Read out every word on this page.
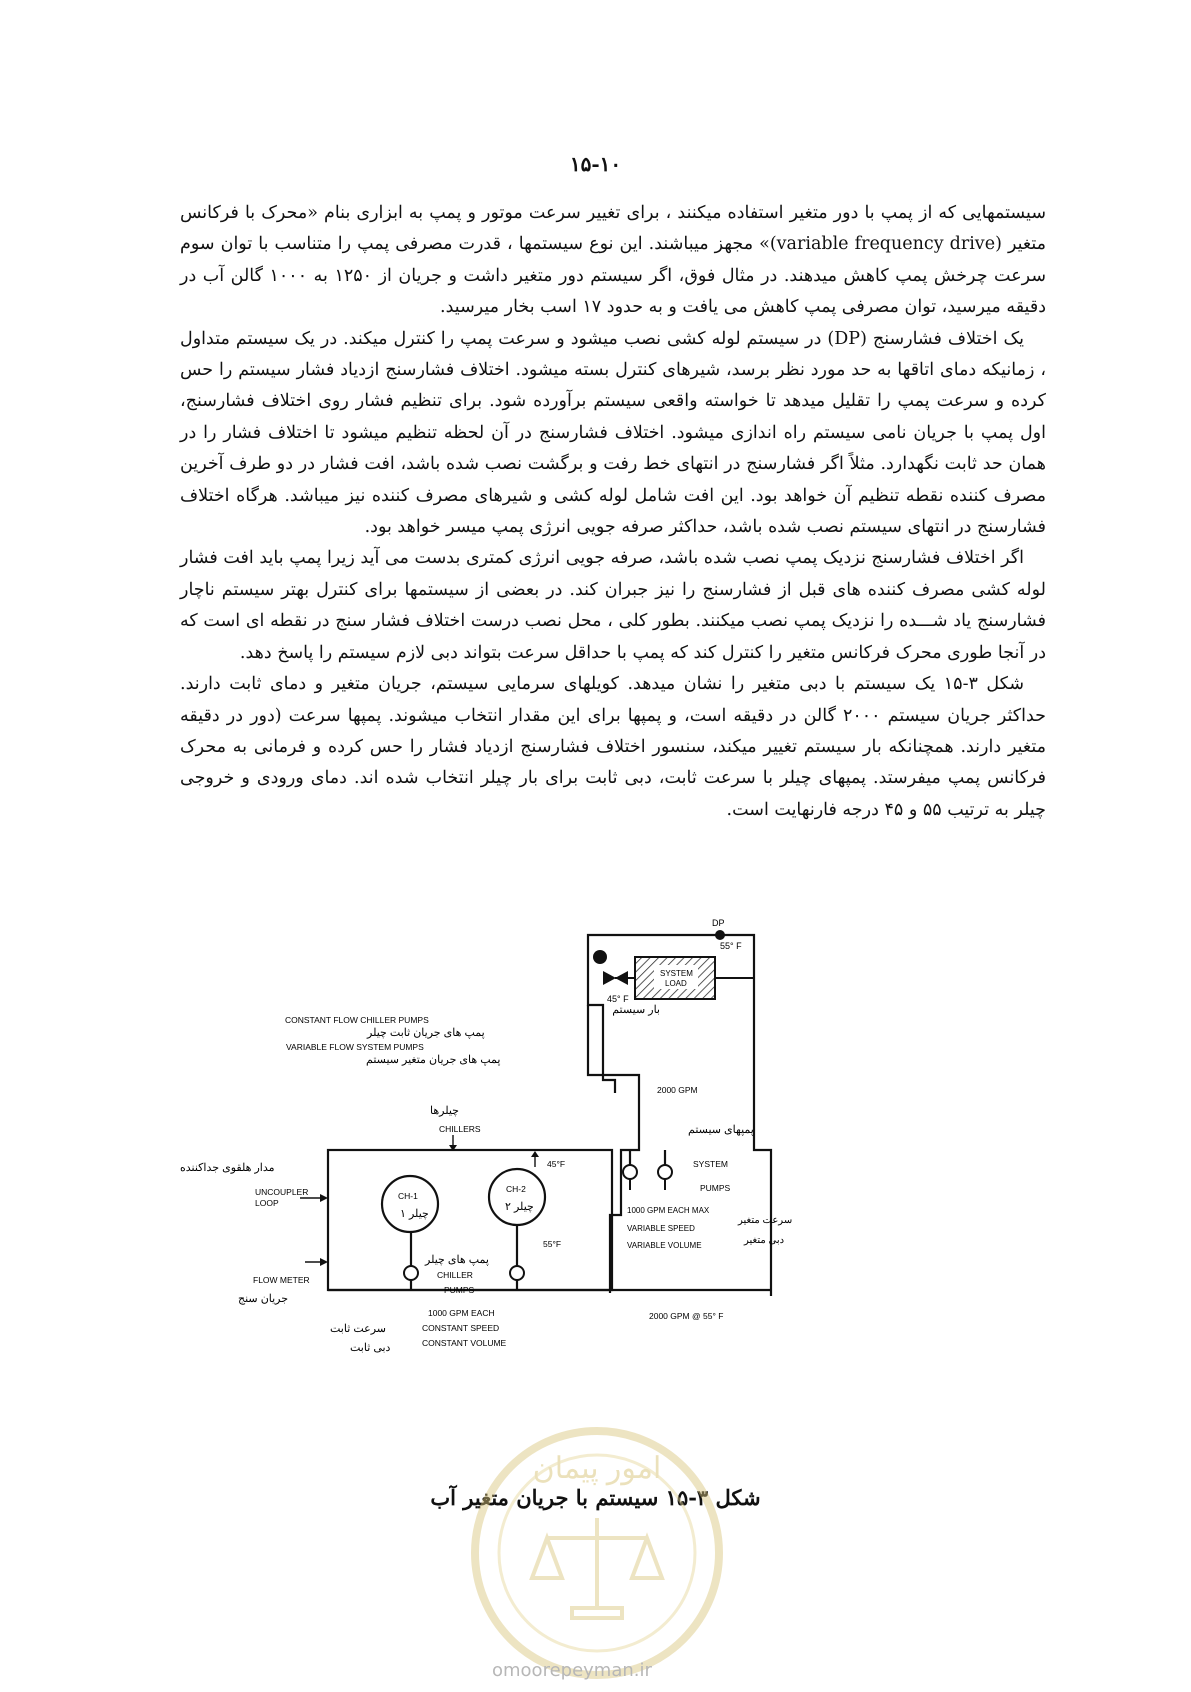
۱۵-۱۰

سیستمهایی که از پمپ با دور متغیر استفاده میکنند ، برای تغییر سرعت موتور و پمپ به ابزاری بنام «محرک با فرکانس متغیر (variable frequency drive)» مجهز میباشند. این نوع سیستمها ، قدرت مصرفی پمپ را متناسب با توان سوم سرعت چرخش پمپ کاهش میدهند. در مثال فوق، اگر سیستم دور متغیر داشت و جریان از ۱۲۵۰ به ۱۰۰۰ گالن آب در دقیقه میرسید، توان مصرفی پمپ کاهش می یافت و به حدود ۱۷ اسب بخار میرسید.

یک اختلاف فشارسنج (DP) در سیستم لوله کشی نصب میشود و سرعت پمپ را کنترل میکند. در یک سیستم متداول ، زمانیکه دمای اتاقها به حد مورد نظر برسد، شیرهای کنترل بسته میشود. اختلاف فشارسنج ازدیاد فشار سیستم را حس کرده و سرعت پمپ را تقلیل میدهد تا خواسته واقعی سیستم برآورده شود. برای تنظیم فشار روی اختلاف فشارسنج، اول پمپ با جریان نامی سیستم راه اندازی میشود. اختلاف فشارسنج در آن لحظه تنظیم میشود تا اختلاف فشار را در همان حد ثابت نگهدارد. مثلاً اگر فشارسنج در انتهای خط رفت و برگشت نصب شده باشد، افت فشار در دو طرف آخرین مصرف کننده نقطه تنظیم آن خواهد بود. این افت شامل لوله کشی و شیرهای مصرف کننده نیز میباشد. هرگاه اختلاف فشارسنج در انتهای سیستم نصب شده باشد، حداکثر صرفه جویی انرژی پمپ میسر خواهد بود.

اگر اختلاف فشارسنج نزدیک پمپ نصب شده باشد، صرفه جویی انرژی کمتری بدست می آید زیرا پمپ باید افت فشار لوله کشی مصرف کننده های قبل از فشارسنج را نیز جبران کند. در بعضی از سیستمها برای کنترل بهتر سیستم ناچار فشارسنج یاد شـــده را نزدیک پمپ نصب میکنند. بطور کلی ، محل نصب درست اختلاف فشار سنج در نقطه ای است که در آنجا طوری محرک فرکانس متغیر را کنترل کند که پمپ با حداقل سرعت بتواند دبی لازم سیستم را پاسخ دهد.

شکل ۳-۱۵ یک سیستم با دبی متغیر را نشان میدهد. کویلهای سرمایی سیستم، جریان متغیر و دمای ثابت دارند. حداکثر جریان سیستم ۲۰۰۰ گالن در دقیقه است، و پمپها برای این مقدار انتخاب میشوند. پمپها سرعت (دور در دقیقه متغیر دارند. همچنانکه بار سیستم تغییر میکند، سنسور اختلاف فشارسنج ازدیاد فشار را حس کرده و فرمانی به محرک فرکانس پمپ میفرستد. پمپهای چیلر با سرعت ثابت، دبی ثابت برای بار چیلر انتخاب شده اند. دمای ورودی و خروجی چیلر به ترتیب ۵۵ و ۴۵ درجه فارنهایت است.

DP
55° F
SYSTEM
LOAD
45° F
بار سیستم
CONSTANT FLOW CHILLER PUMPS
پمپ های جریان ثابت چیلر
VARIABLE FLOW SYSTEM PUMPS
پمپ های جریان متغیر سیستم
2000 GPM
چیلرها
CHILLERS
45°F
پمپهای سیستم
SYSTEM
PUMPS
مدار هلقوی جداکننده
UNCOUPLER
LOOP
CH-1
چیلر ۱
CH-2
چیلر ۲
55°F
1000 GPM EACH MAX
VARIABLE SPEED
VARIABLE VOLUME
سرعت متغیر
دبی متغیر
FLOW METER
جریان سنج
پمپ های چیلر
CHILLER
PUMPS
1000 GPM EACH
CONSTANT SPEED
CONSTANT VOLUME
سرعت ثابت
دبی ثابت
2000 GPM @ 55° F
شکل ۳-۱۵ سیستم با جریان متغیر آب
امور پیمان
omoorepeyman.ir
